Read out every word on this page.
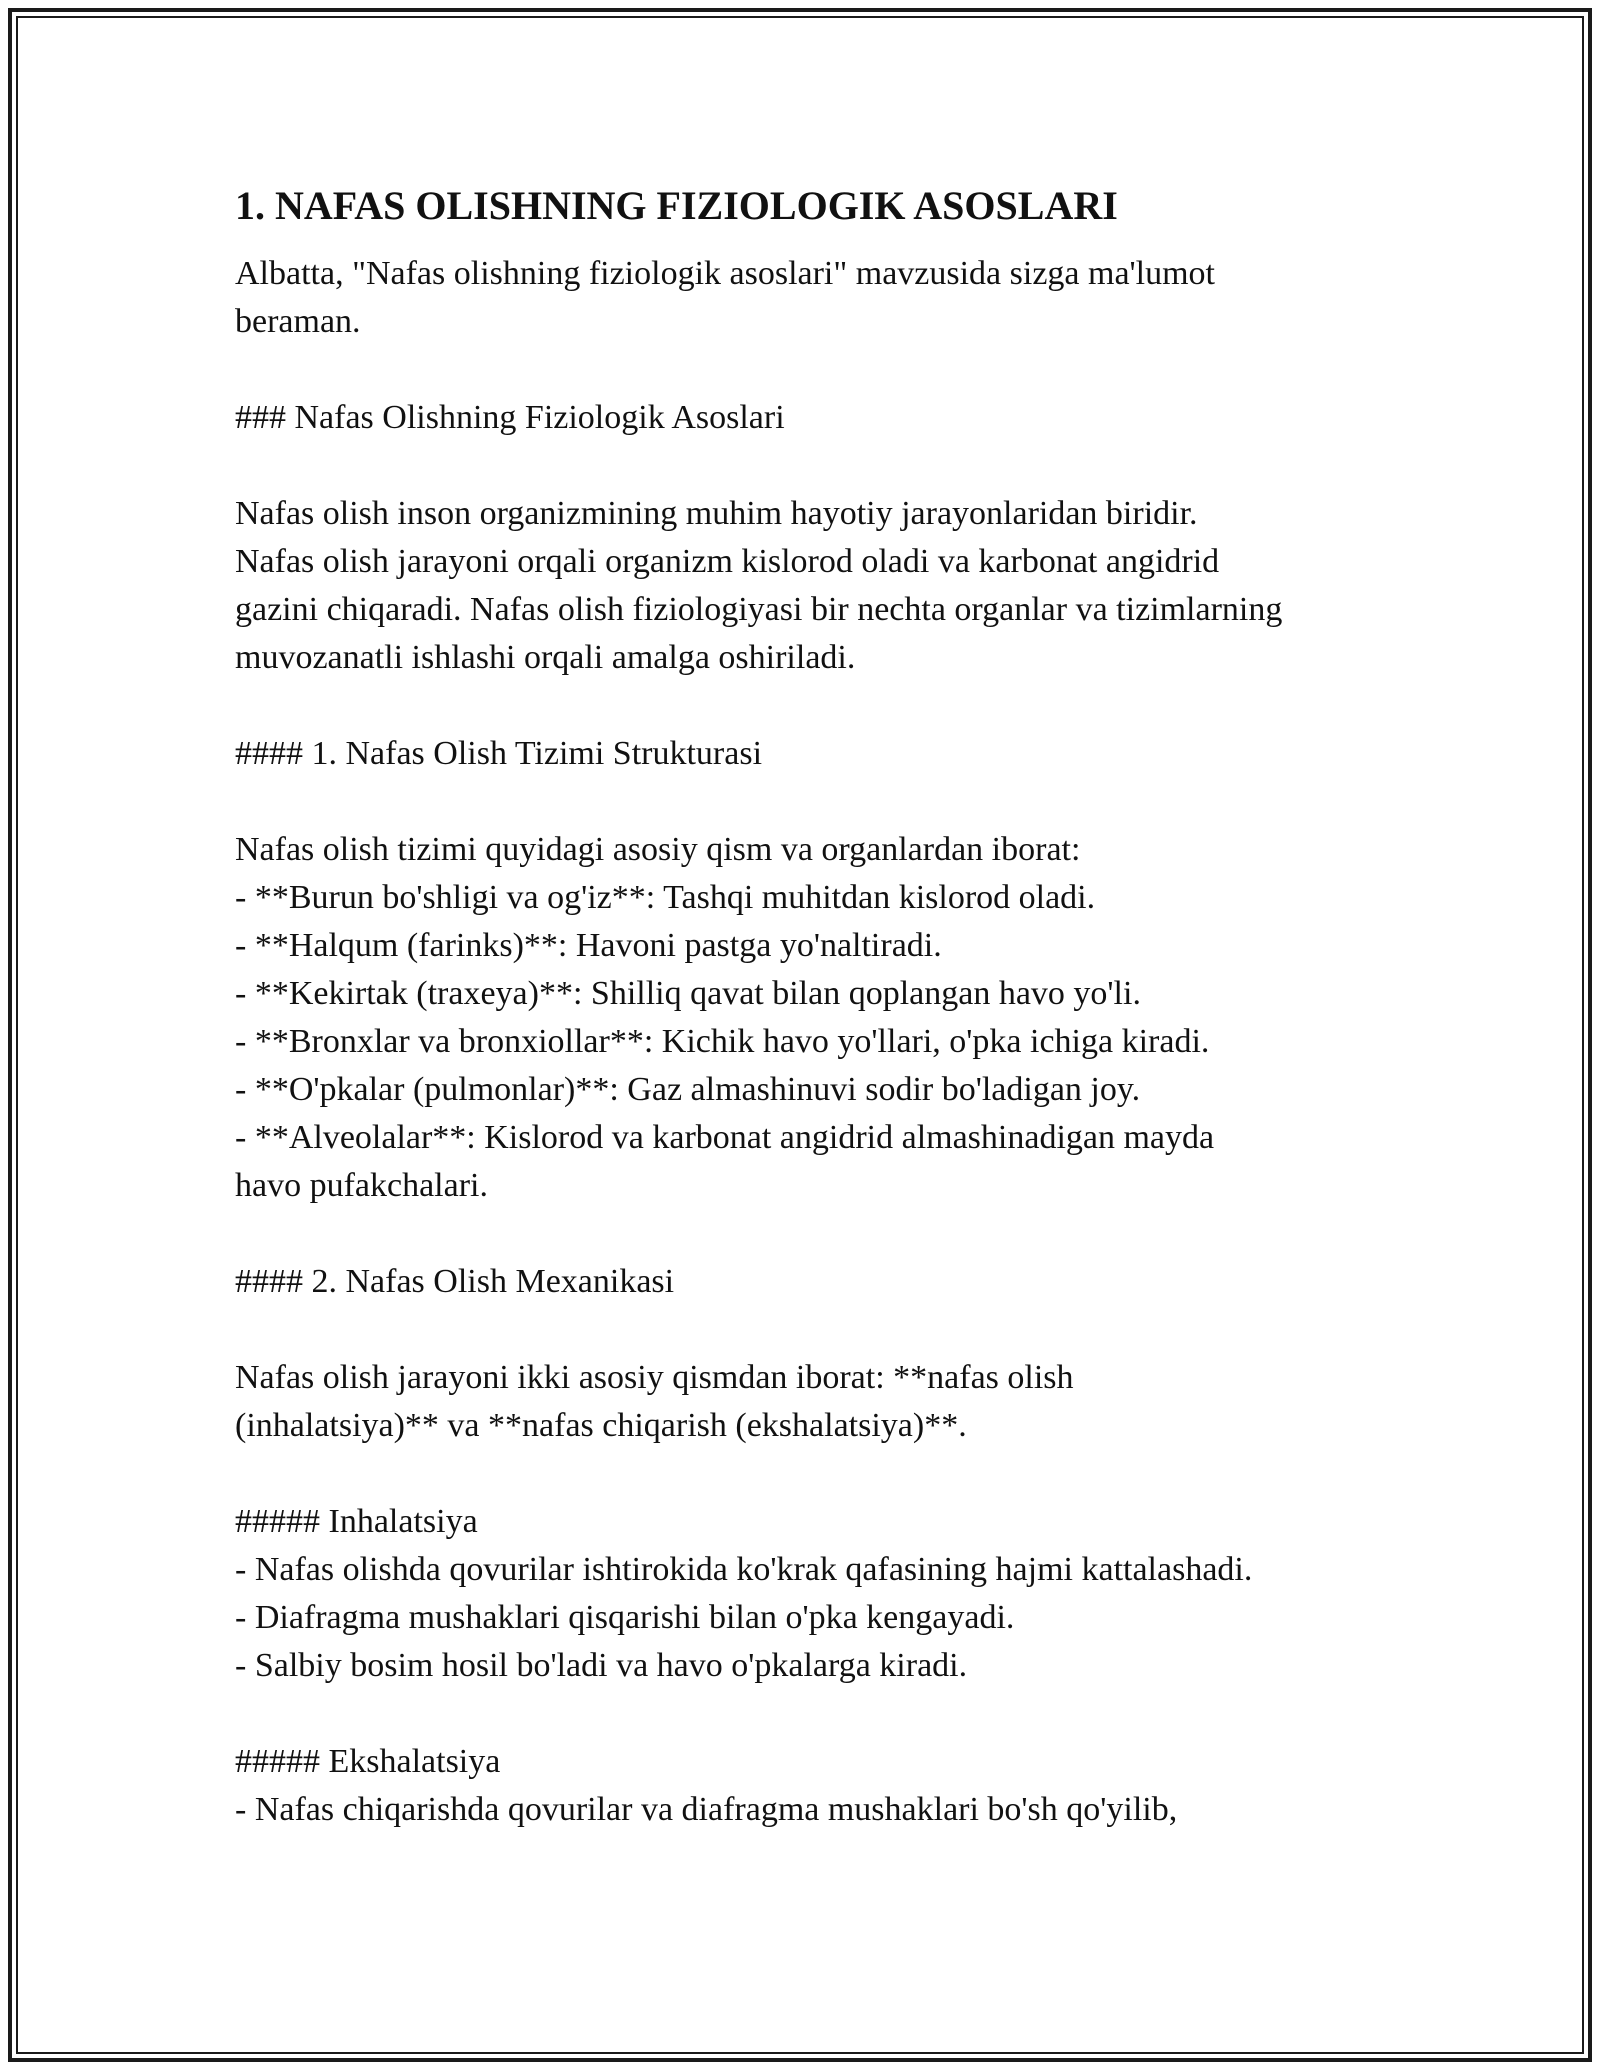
1. NAFAS OLISHNING FIZIOLOGIK ASOSLARI
Albatta, "Nafas olishning fiziologik asoslari" mavzusida sizga ma'lumot
beraman.
### Nafas Olishning Fiziologik Asoslari
Nafas olish inson organizmining muhim hayotiy jarayonlaridan biridir.
Nafas olish jarayoni orqali organizm kislorod oladi va karbonat angidrid
gazini chiqaradi. Nafas olish fiziologiyasi bir nechta organlar va tizimlarning
muvozanatli ishlashi orqali amalga oshiriladi.
#### 1. Nafas Olish Tizimi Strukturasi
Nafas olish tizimi quyidagi asosiy qism va organlardan iborat:
- **Burun bo'shligi va og'iz**: Tashqi muhitdan kislorod oladi.
- **Halqum (farinks)**: Havoni pastga yo'naltiradi.
- **Kekirtak (traxeya)**: Shilliq qavat bilan qoplangan havo yo'li.
- **Bronxlar va bronxiollar**: Kichik havo yo'llari, o'pka ichiga kiradi.
- **O'pkalar (pulmonlar)**: Gaz almashinuvi sodir bo'ladigan joy.
- **Alveolalar**: Kislorod va karbonat angidrid almashinadigan mayda
havo pufakchalari.
#### 2. Nafas Olish Mexanikasi
Nafas olish jarayoni ikki asosiy qismdan iborat: **nafas olish
(inhalatsiya)** va **nafas chiqarish (ekshalatsiya)**.
##### Inhalatsiya
- Nafas olishda qovurilar ishtirokida ko'krak qafasining hajmi kattalashadi.
- Diafragma mushaklari qisqarishi bilan o'pka kengayadi.
- Salbiy bosim hosil bo'ladi va havo o'pkalarga kiradi.
##### Ekshalatsiya
- Nafas chiqarishda qovurilar va diafragma mushaklari bo'sh qo'yilib,
